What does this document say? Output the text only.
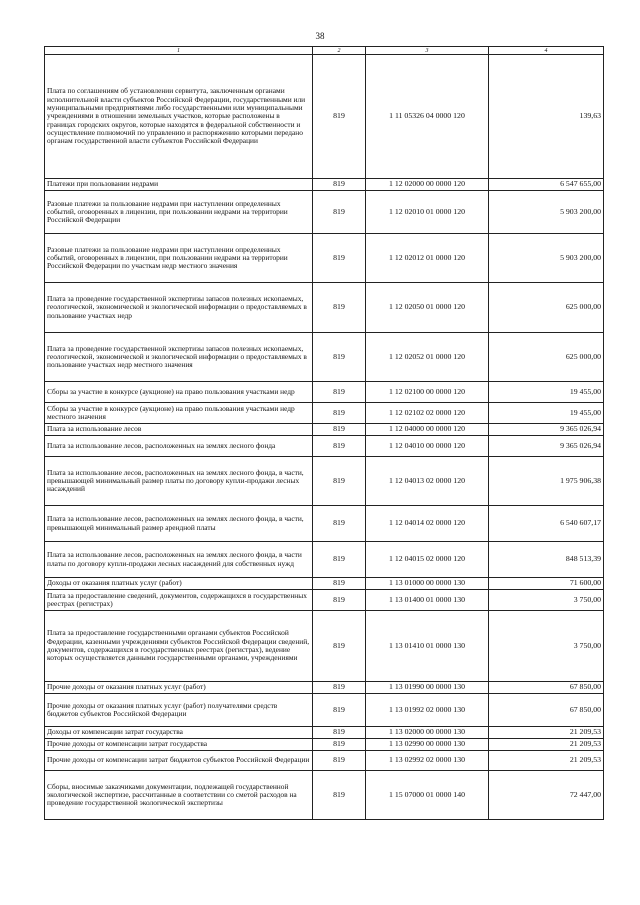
38
1	2	3	4
Плата по соглашениям об установлении сервитута, заключенным органами исполнительной власти субъектов Российской Федерации, государственными или муниципальными предприятиями либо государственными или муниципальными учреждениями в отношении земельных участков, которые расположены в границах городских округов, которые находятся в федеральной собственности и осуществление полномочий по управлению и распоряжению которыми передано органам государственной власти субъектов Российской Федерации	819	1 11 05326 04 0000 120	139,63
Платежи при пользовании недрами	819	1 12 02000 00 0000 120	6 547 655,00
Разовые платежи за пользование недрами при наступлении определенных событий, оговоренных в лицензии, при пользовании недрами на территории Российской Федерации	819	1 12 02010 01 0000 120	5 903 200,00
Разовые платежи за пользование недрами при наступлении определенных событий, оговоренных в лицензии, при пользовании недрами на территории Российской Федерации по участкам недр местного значения	819	1 12 02012 01 0000 120	5 903 200,00
Плата за проведение государственной экспертизы запасов полезных ископаемых, геологической, экономической и экологической информации о предоставляемых в пользование участках недр	819	1 12 02050 01 0000 120	625 000,00
Плата за проведение государственной экспертизы запасов полезных ископаемых, геологической, экономической и экологической информации о предоставляемых в пользование участках недр местного значения	819	1 12 02052 01 0000 120	625 000,00
Сборы за участие в конкурсе (аукционе) на право пользования участками недр	819	1 12 02100 00 0000 120	19 455,00
Сборы за участие в конкурсе (аукционе) на право пользования участками недр местного значения	819	1 12 02102 02 0000 120	19 455,00
Плата за использование лесов	819	1 12 04000 00 0000 120	9 365 026,94
Плата за использование лесов, расположенных на землях лесного фонда	819	1 12 04010 00 0000 120	9 365 026,94
Плата за использование лесов, расположенных на землях лесного фонда, в части, превышающей минимальный размер платы по договору купли-продажи лесных насаждений	819	1 12 04013 02 0000 120	1 975 906,38
Плата за использование лесов, расположенных на землях лесного фонда, в части, превышающей минимальный размер арендной платы	819	1 12 04014 02 0000 120	6 540 607,17
Плата за использование лесов, расположенных на землях лесного фонда, в части платы по договору купли-продажи лесных насаждений для собственных нужд	819	1 12 04015 02 0000 120	848 513,39
Доходы от оказания платных услуг (работ)	819	1 13 01000 00 0000 130	71 600,00
Плата за предоставление сведений, документов, содержащихся в государственных реестрах (регистрах)	819	1 13 01400 01 0000 130	3 750,00
Плата за предоставление государственными органами субъектов Российской Федерации, казенными учреждениями субъектов Российской Федерации сведений, документов, содержащихся в государственных реестрах (регистрах), ведение которых осуществляется данными государственными органами, учреждениями	819	1 13 01410 01 0000 130	3 750,00
Прочие доходы от оказания платных услуг (работ)	819	1 13 01990 00 0000 130	67 850,00
Прочие доходы от оказания платных услуг (работ) получателями средств бюджетов субъектов Российской Федерации	819	1 13 01992 02 0000 130	67 850,00
Доходы от компенсации затрат государства	819	1 13 02000 00 0000 130	21 209,53
Прочие доходы от компенсации затрат государства	819	1 13 02990 00 0000 130	21 209,53
Прочие доходы от компенсации затрат бюджетов субъектов Российской Федерации	819	1 13 02992 02 0000 130	21 209,53
Сборы, вносимые заказчиками документации, подлежащей государственной экологической экспертизе, рассчитанные в соответствии со сметой расходов на проведение государственной экологической экспертизы	819	1 15 07000 01 0000 140	72 447,00
